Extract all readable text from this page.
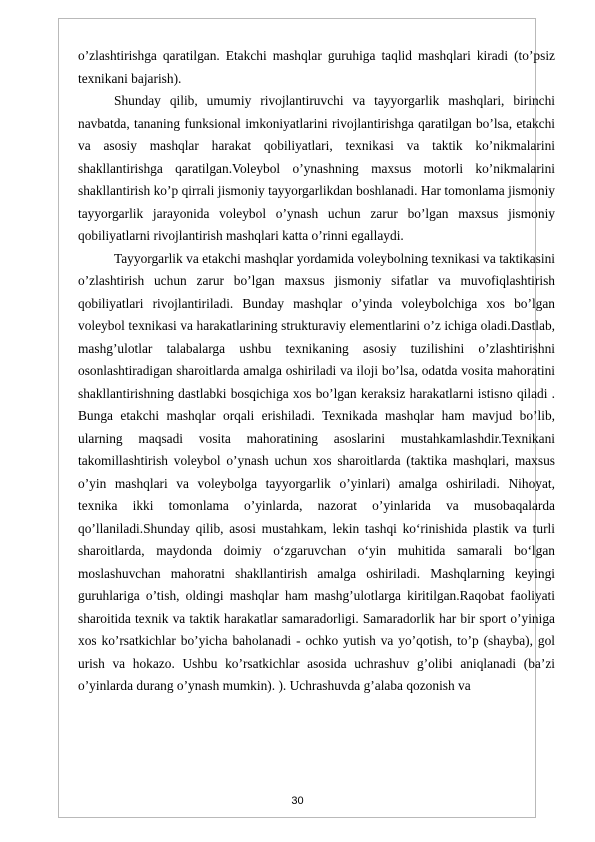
o’zlashtirishga qaratilgan. Etakchi mashqlar guruhiga taqlid mashqlari kiradi (to’psiz texnikani bajarish).

Shunday qilib, umumiy rivojlantiruvchi va tayyorgarlik mashqlari, birinchi navbatda, tananing funksional imkoniyatlarini rivojlantirishga qaratilgan bo’lsa, etakchi va asosiy mashqlar harakat qobiliyatlari, texnikasi va taktik ko’nikmalarini shakllantirishga qaratilgan.Voleybol o’ynashning maxsus motorli ko’nikmalarini shakllantirish ko’p qirrali jismoniy tayyorgarlikdan boshlanadi. Har tomonlama jismoniy tayyorgarlik jarayonida voleybol o’ynash uchun zarur bo’lgan maxsus jismoniy qobiliyatlarni rivojlantirish mashqlari katta o’rinni egallaydi.

Tayyorgarlik va etakchi mashqlar yordamida voleybolning texnikasi va taktikasini o’zlashtirish uchun zarur bo’lgan maxsus jismoniy sifatlar va muvofiqlashtirish qobiliyatlari rivojlantiriladi. Bunday mashqlar o’yinda voleybolchiga xos bo’lgan voleybol texnikasi va harakatlarining strukturaviy elementlarini o’z ichiga oladi.Dastlab, mashg’ulotlar talabalarga ushbu texnikaning asosiy tuzilishini o’zlashtirishni osonlashtiradigan sharoitlarda amalga oshiriladi va iloji bo’lsa, odatda vosita mahoratini shakllantirishning dastlabki bosqichiga xos bo’lgan keraksiz harakatlarni istisno qiladi . Bunga etakchi mashqlar orqali erishiladi. Texnikada mashqlar ham mavjud bo’lib, ularning maqsadi vosita mahoratining asoslarini mustahkamlashdir.Texnikani takomillashtirish voleybol o’ynash uchun xos sharoitlarda (taktika mashqlari, maxsus o’yin mashqlari va voleybolga tayyorgarlik o’yinlari) amalga oshiriladi. Nihoyat, texnika ikki tomonlama o’yinlarda, nazorat o’yinlarida va musobaqalarda qo’llaniladi.Shunday qilib, asosi mustahkam, lekin tashqi ko‘rinishida plastik va turli sharoitlarda, maydonda doimiy o‘zgaruvchan o‘yin muhitida samarali bo‘lgan moslashuvchan mahoratni shakllantirish amalga oshiriladi. Mashqlarning keyingi guruhlariga o’tish, oldingi mashqlar ham mashg’ulotlarga kiritilgan.Raqobat faoliyati sharoitida texnik va taktik harakatlar samaradorligi. Samaradorlik har bir sport o’yiniga xos ko’rsatkichlar bo’yicha baholanadi - ochko yutish va yo’qotish, to’p (shayba), gol urish va hokazo. Ushbu ko’rsatkichlar asosida uchrashuv g’olibi aniqlanadi (ba’zi o’yinlarda durang o’ynash mumkin). ). Uchrashuvda g’alaba qozonish va

30
